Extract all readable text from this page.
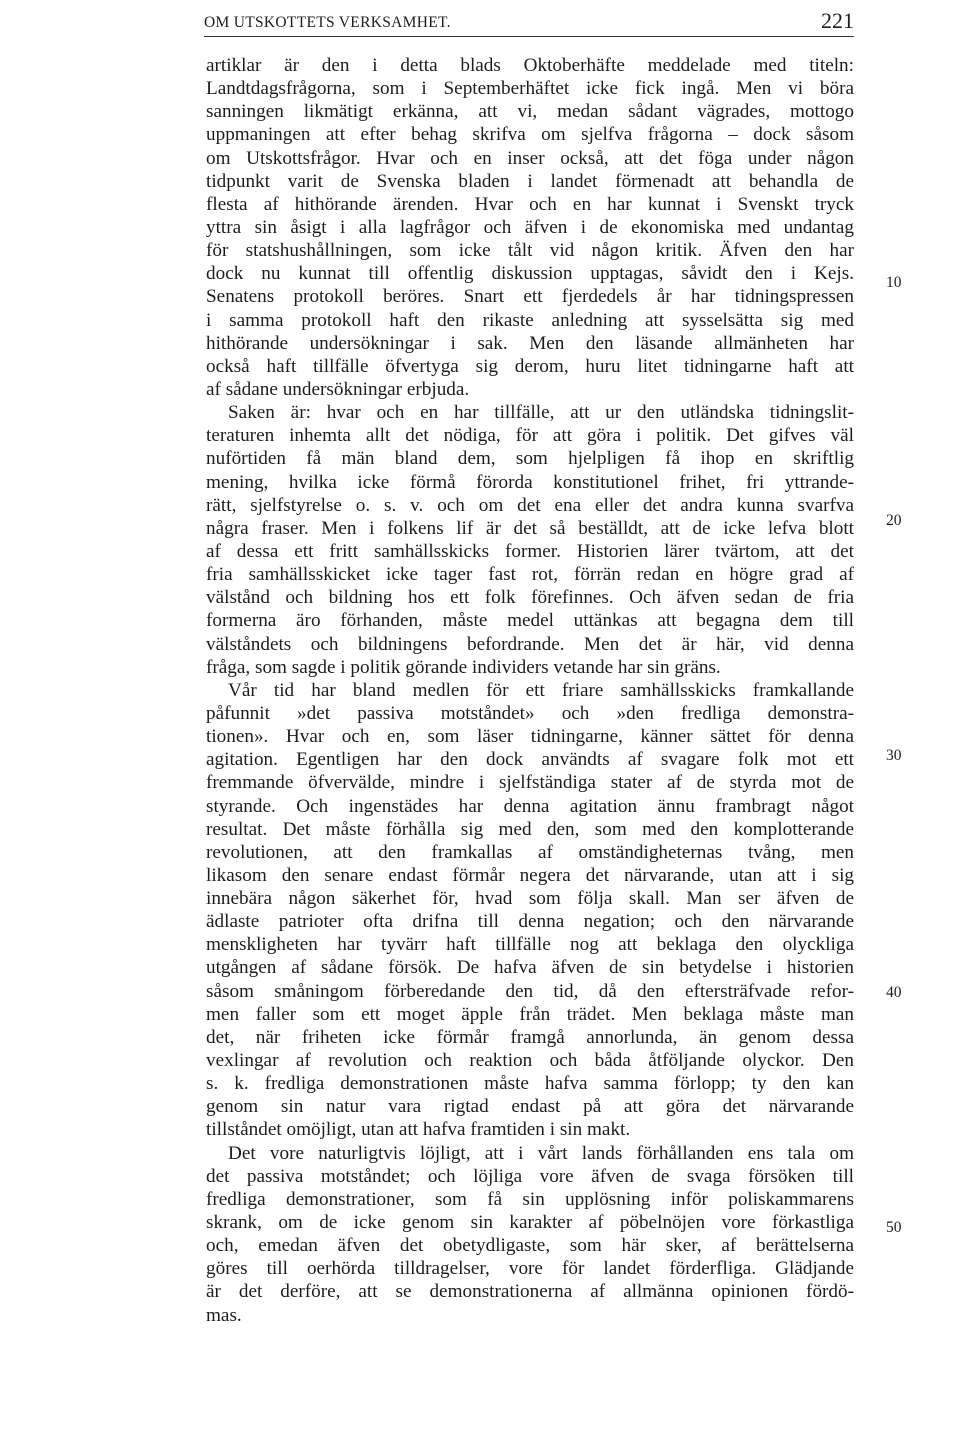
OM UTSKOTTETS VERKSAMHET.	221
artiklar är den i detta blads Oktoberhäfte meddelade med titeln:
Landtdagsfrågorna, som i Septemberhäftet icke fick ingå. Men vi böra
sanningen likmätigt erkänna, att vi, medan sådant vägrades, mottogo
uppmaningen att efter behag skrifva om sjelfva frågorna – dock såsom
om Utskottsfrågor. Hvar och en inser också, att det föga under någon
tidpunkt varit de Svenska bladen i landet förmenadt att behandla de
flesta af hithörande ärenden. Hvar och en har kunnat i Svenskt tryck
yttra sin åsigt i alla lagfrågor och äfven i de ekonomiska med undantag
för statshushållningen, som icke tålt vid någon kritik. Äfven den har
dock nu kunnat till offentlig diskussion upptagas, såvidt den i Kejs.
Senatens protokoll beröres. Snart ett fjerdedels år har tidningspressen
i samma protokoll haft den rikaste anledning att sysselsätta sig med
hithörande undersökningar i sak. Men den läsande allmänheten har
också haft tillfälle öfvertyga sig derom, huru litet tidningarne haft att
af sådane undersökningar erbjuda.
Saken är: hvar och en har tillfälle, att ur den utländska tidningslit-
teraturen inhemta allt det nödiga, för att göra i politik. Det gifves väl
nuförtiden få män bland dem, som hjelpligen få ihop en skriftlig
mening, hvilka icke förmå förorda konstitutionel frihet, fri yttrande-
rätt, sjelfstyrelse o. s. v. och om det ena eller det andra kunna svarfva
några fraser. Men i folkens lif är det så beställdt, att de icke lefva blott
af dessa ett fritt samhällsskicks former. Historien lärer tvärtom, att det
fria samhällsskicket icke tager fast rot, förrän redan en högre grad af
välstånd och bildning hos ett folk förefinnes. Och äfven sedan de fria
formerna äro förhanden, måste medel uttänkas att begagna dem till
välståndets och bildningens befordrande. Men det är här, vid denna
fråga, som sagde i politik görande individers vetande har sin gräns.
Vår tid har bland medlen för ett friare samhällsskicks framkallande
påfunnit »det passiva motståndet» och »den fredliga demonstra-
tionen». Hvar och en, som läser tidningarne, känner sättet för denna
agitation. Egentligen har den dock användts af svagare folk mot ett
fremmande öfvervälde, mindre i sjelfständiga stater af de styrda mot de
styrande. Och ingenstädes har denna agitation ännu frambragt något
resultat. Det måste förhålla sig med den, som med den komplotterande
revolutionen, att den framkallas af omständigheternas tvång, men
likasom den senare endast förmår negera det närvarande, utan att i sig
innebära någon säkerhet för, hvad som följa skall. Man ser äfven de
ädlaste patrioter ofta drifna till denna negation; och den närvarande
menskligheten har tyvärr haft tillfälle nog att beklaga den olyckliga
utgången af sådane försök. De hafva äfven de sin betydelse i historien
såsom småningom förberedande den tid, då den eftersträfvade refor-
men faller som ett moget äpple från trädet. Men beklaga måste man
det, när friheten icke förmår framgå annorlunda, än genom dessa
vexlingar af revolution och reaktion och båda åtföljande olyckor. Den
s. k. fredliga demonstrationen måste hafva samma förlopp; ty den kan
genom sin natur vara rigtad endast på att göra det närvarande
tillståndet omöjligt, utan att hafva framtiden i sin makt.
Det vore naturligtvis löjligt, att i vårt lands förhållanden ens tala om
det passiva motståndet; och löjliga vore äfven de svaga försöken till
fredliga demonstrationer, som få sin upplösning inför poliskammarens
skrank, om de icke genom sin karakter af pöbelnöjen vore förkastliga
och, emedan äfven det obetydligaste, som här sker, af berättelserna
göres till oerhörda tilldragelser, vore för landet förderfliga. Glädjande
är det derföre, att se demonstrationerna af allmänna opinionen fördö-
mas.
10
20
30
40
50
